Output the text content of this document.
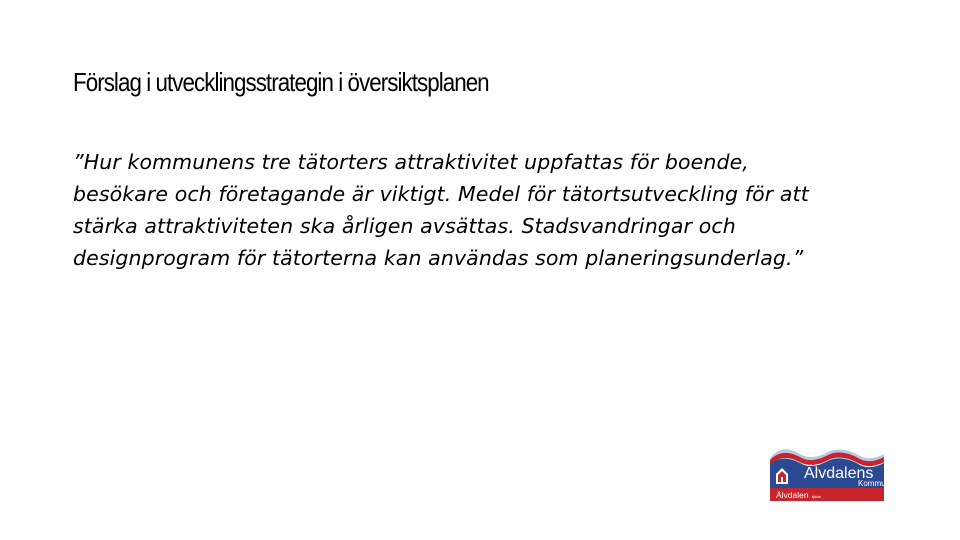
Förslag i utvecklingsstrategin i översiktsplanen

”Hur kommunens tre tätorters attraktivitet uppfattas för boende,
besökare och företagande är viktigt. Medel för tätortsutveckling för att
stärka attraktiviteten ska årligen avsättas. Stadsvandringar och
designprogram för tätorterna kan användas som planeringsunderlag.”

Älvdalens
Kommun
Älvdalen tjóda
